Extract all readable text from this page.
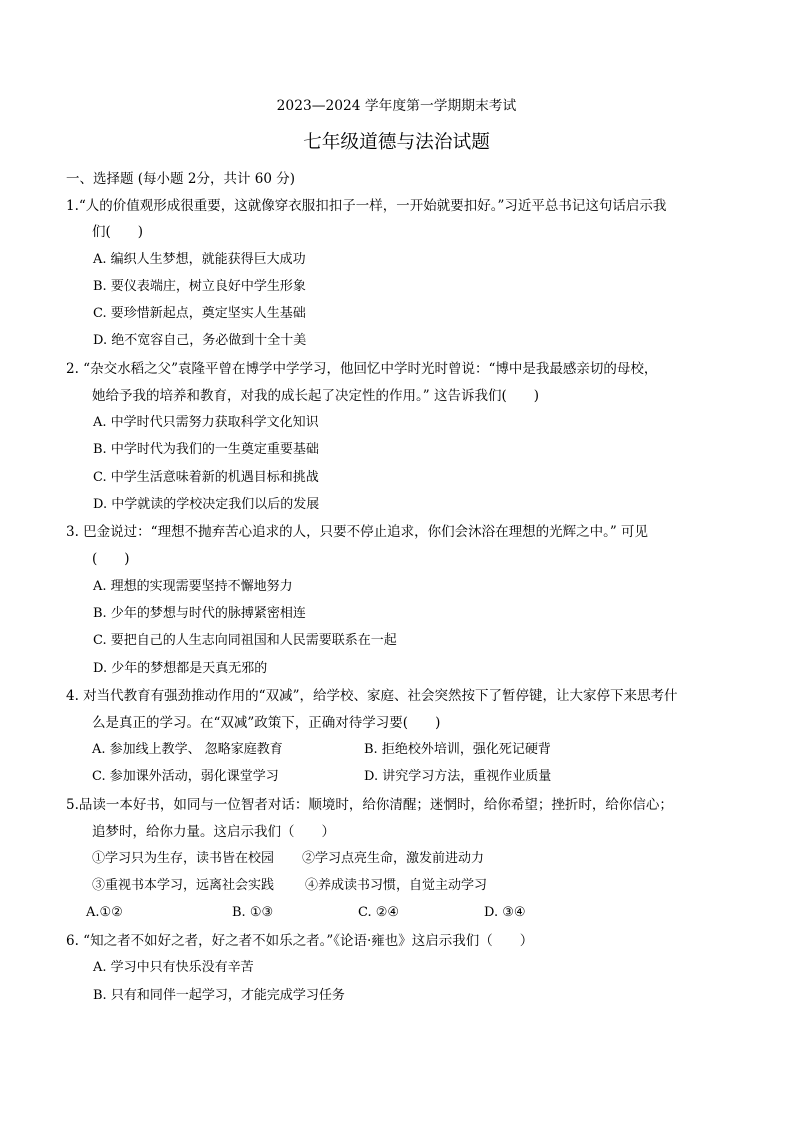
2023—2024 学年度第一学期期末考试
七年级道德与法治试题
一、选择题 (每小题 2分，共计 60 分)
1.“人的价值观形成很重要，这就像穿衣服扣扣子一样，一开始就要扣好。”习近平总书记这句话启示我
们(　　)
A. 编织人生梦想，就能获得巨大成功
B. 要仪表端庄，树立良好中学生形象
C. 要珍惜新起点，奠定坚实人生基础
D. 绝不宽容自己，务必做到十全十美
2. “杂交水稻之父”袁隆平曾在博学中学学习，他回忆中学时光时曾说：“博中是我最感亲切的母校，
她给予我的培养和教育，对我的成长起了决定性的作用。” 这告诉我们(　　)
A. 中学时代只需努力获取科学文化知识
B. 中学时代为我们的一生奠定重要基础
C. 中学生活意味着新的机遇目标和挑战
D. 中学就读的学校决定我们以后的发展
3. 巴金说过：“理想不抛弃苦心追求的人，只要不停止追求，你们会沐浴在理想的光辉之中。” 可见
(　　)
A. 理想的实现需要坚持不懈地努力
B. 少年的梦想与时代的脉搏紧密相连
C. 要把自己的人生志向同祖国和人民需要联系在一起
D. 少年的梦想都是天真无邪的
4. 对当代教育有强劲推动作用的“双减”，给学校、家庭、社会突然按下了暂停键，让大家停下来思考什
么是真正的学习。在“双减”政策下，正确对待学习要(　　)
A. 参加线上教学、 忽略家庭教育	B. 拒绝校外培训，强化死记硬背
C. 参加课外活动，弱化课堂学习	D. 讲究学习方法，重视作业质量
5.品读一本好书，如同与一位智者对话：顺境时，给你清醒；迷惘时，给你希望；挫折时，给你信心；
追梦时，给你力量。这启示我们（　　）
①学习只为生存，读书皆在校园 ②学习点亮生命，激发前进动力
③重视书本学习，远离社会实践 ④养成读书习惯，自觉主动学习
A.①②	B. ①③	C. ②④	D. ③④
6. “知之者不如好之者，好之者不如乐之者。”《论语·雍也》这启示我们（　　）
A. 学习中只有快乐没有辛苦
B. 只有和同伴一起学习，才能完成学习任务
